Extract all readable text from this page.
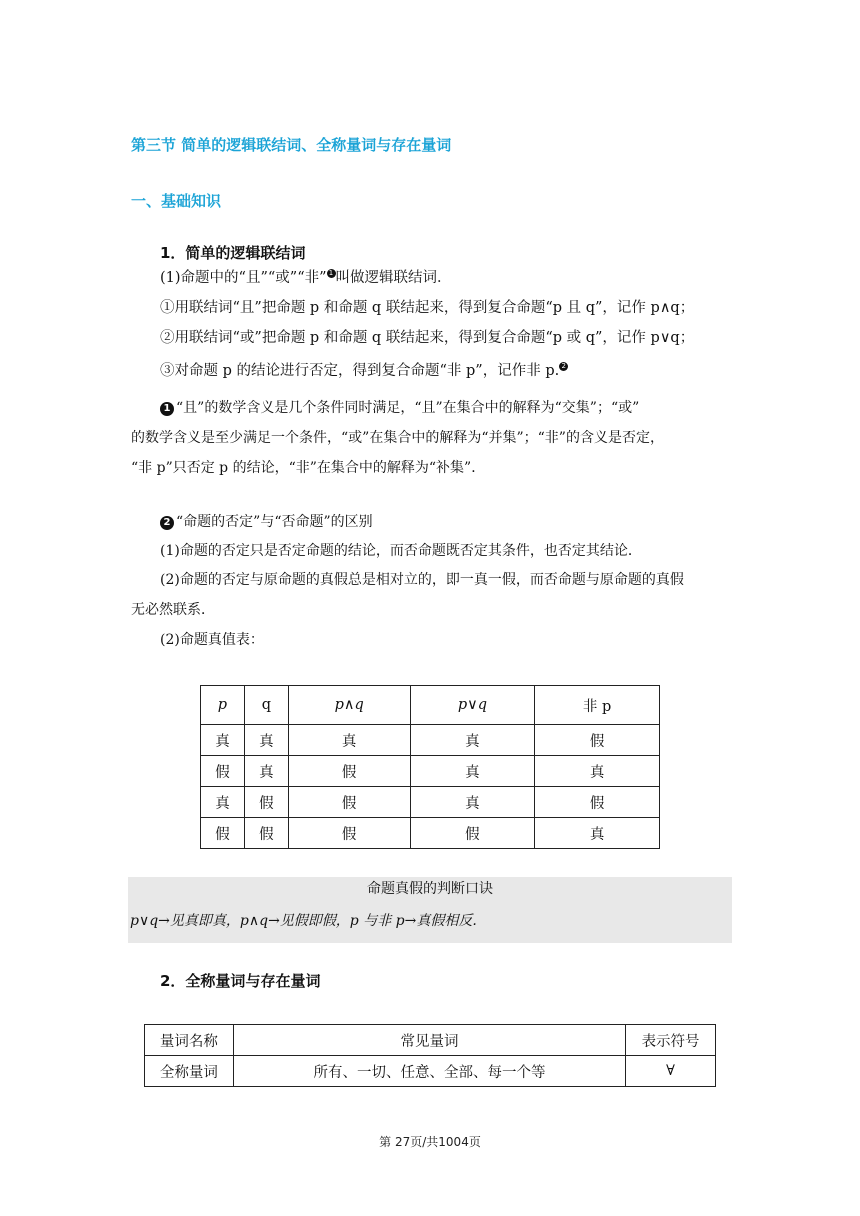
第三节 简单的逻辑联结词、全称量词与存在量词
一、基础知识
1．简单的逻辑联结词
(1)命题中的“且”“或”“非” 1 叫做逻辑联结词．
①用联结词“且”把命题 p 和命题 q 联结起来，得到复合命题“p 且 q”，记作 p∧q；
②用联结词“或”把命题 p 和命题 q 联结起来，得到复合命题“p 或 q”，记作 p∨q；
③对命题 p 的结论进行否定，得到复合命题“非 p”，记作非 p. 2
1 “且”的数学含义是几个条件同时满足，“且”在集合中的解释为“交集”；“或”
的数学含义是至少满足一个条件，“或”在集合中的解释为“并集”；“非”的含义是否定，
“非 p”只否定 p 的结论，“非”在集合中的解释为“补集”．
2 “命题的否定”与“否命题”的区别
(1)命题的否定只是否定命题的结论，而否命题既否定其条件，也否定其结论．
(2)命题的否定与原命题的真假总是相对立的，即一真一假，而否命题与原命题的真假
无必然联系．
(2)命题真值表：
p	q	p∧q	p∨q	非 p
真	真	真	真	假
假	真	假	真	真
真	假	假	真	假
假	假	假	假	真
命题真假的判断口诀
p∨q→见真即真，p∧q→见假即假，p 与非 p→真假相反.
2．全称量词与存在量词
量词名称	常见量词	表示符号
全称量词	所有、一切、任意、全部、每一个等	∀
第 27页/共1004页
